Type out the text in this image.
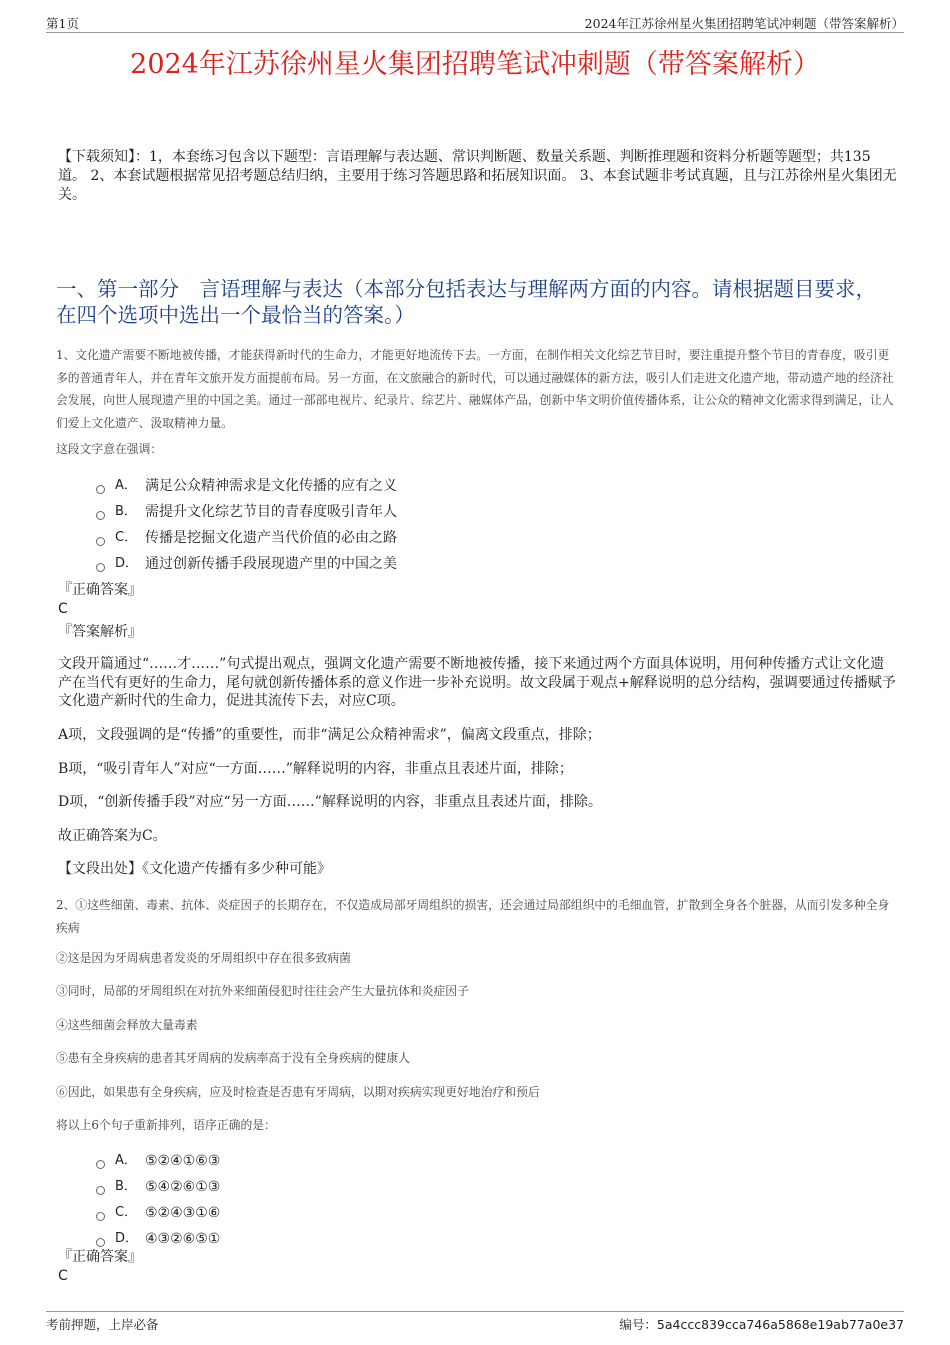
第1页	2024年江苏徐州星火集团招聘笔试冲刺题（带答案解析）
2024年江苏徐州星火集团招聘笔试冲刺题（带答案解析）
【下载须知】：1，本套练习包含以下题型：言语理解与表达题、常识判断题、数量关系题、判断推理题和资料分析题等题型；共135道。 2、本套试题根据常见招考题总结归纳，主要用于练习答题思路和拓展知识面。 3、本套试题非考试真题，且与江苏徐州星火集团无关。
一、第一部分　言语理解与表达（本部分包括表达与理解两方面的内容。请根据题目要求，在四个选项中选出一个最恰当的答案。）
1、文化遗产需要不断地被传播，才能获得新时代的生命力，才能更好地流传下去。一方面，在制作相关文化综艺节目时，要注重提升整个节目的青春度，吸引更多的普通青年人，并在青年文旅开发方面提前布局。另一方面，在文旅融合的新时代，可以通过融媒体的新方法，吸引人们走进文化遗产地，带动遗产地的经济社会发展，向世人展现遗产里的中国之美。通过一部部电视片、纪录片、综艺片、融媒体产品，创新中华文明价值传播体系，让公众的精神文化需求得到满足，让人们爱上文化遗产、汲取精神力量。
这段文字意在强调：
A． 满足公众精神需求是文化传播的应有之义
B． 需提升文化综艺节目的青春度吸引青年人
C． 传播是挖掘文化遗产当代价值的必由之路
D． 通过创新传播手段展现遗产里的中国之美
『正确答案』
C
『答案解析』
文段开篇通过“……才……”句式提出观点，强调文化遗产需要不断地被传播，接下来通过两个方面具体说明，用何种传播方式让文化遗产在当代有更好的生命力，尾句就创新传播体系的意义作进一步补充说明。故文段属于观点+解释说明的总分结构，强调要通过传播赋予文化遗产新时代的生命力，促进其流传下去，对应C项。
A项，文段强调的是“传播”的重要性，而非“满足公众精神需求”，偏离文段重点，排除；
B项，“吸引青年人”对应“一方面……”解释说明的内容，非重点且表述片面，排除；
D项，“创新传播手段”对应“另一方面……”解释说明的内容，非重点且表述片面，排除。
故正确答案为C。
【文段出处】《文化遗产传播有多少种可能》
2、①这些细菌、毒素、抗体、炎症因子的长期存在，不仅造成局部牙周组织的损害，还会通过局部组织中的毛细血管，扩散到全身各个脏器，从而引发多种全身疾病
②这是因为牙周病患者发炎的牙周组织中存在很多致病菌
③同时，局部的牙周组织在对抗外来细菌侵犯时往往会产生大量抗体和炎症因子
④这些细菌会释放大量毒素
⑤患有全身疾病的患者其牙周病的发病率高于没有全身疾病的健康人
⑥因此，如果患有全身疾病，应及时检查是否患有牙周病，以期对疾病实现更好地治疗和预后
将以上6个句子重新排列，语序正确的是：
A． ⑤②④①⑥③
B． ⑤④②⑥①③
C． ⑤②④③①⑥
D． ④③②⑥⑤①
『正确答案』
C
考前押题，上岸必备	编号：5a4ccc839cca746a5868e19ab77a0e37
